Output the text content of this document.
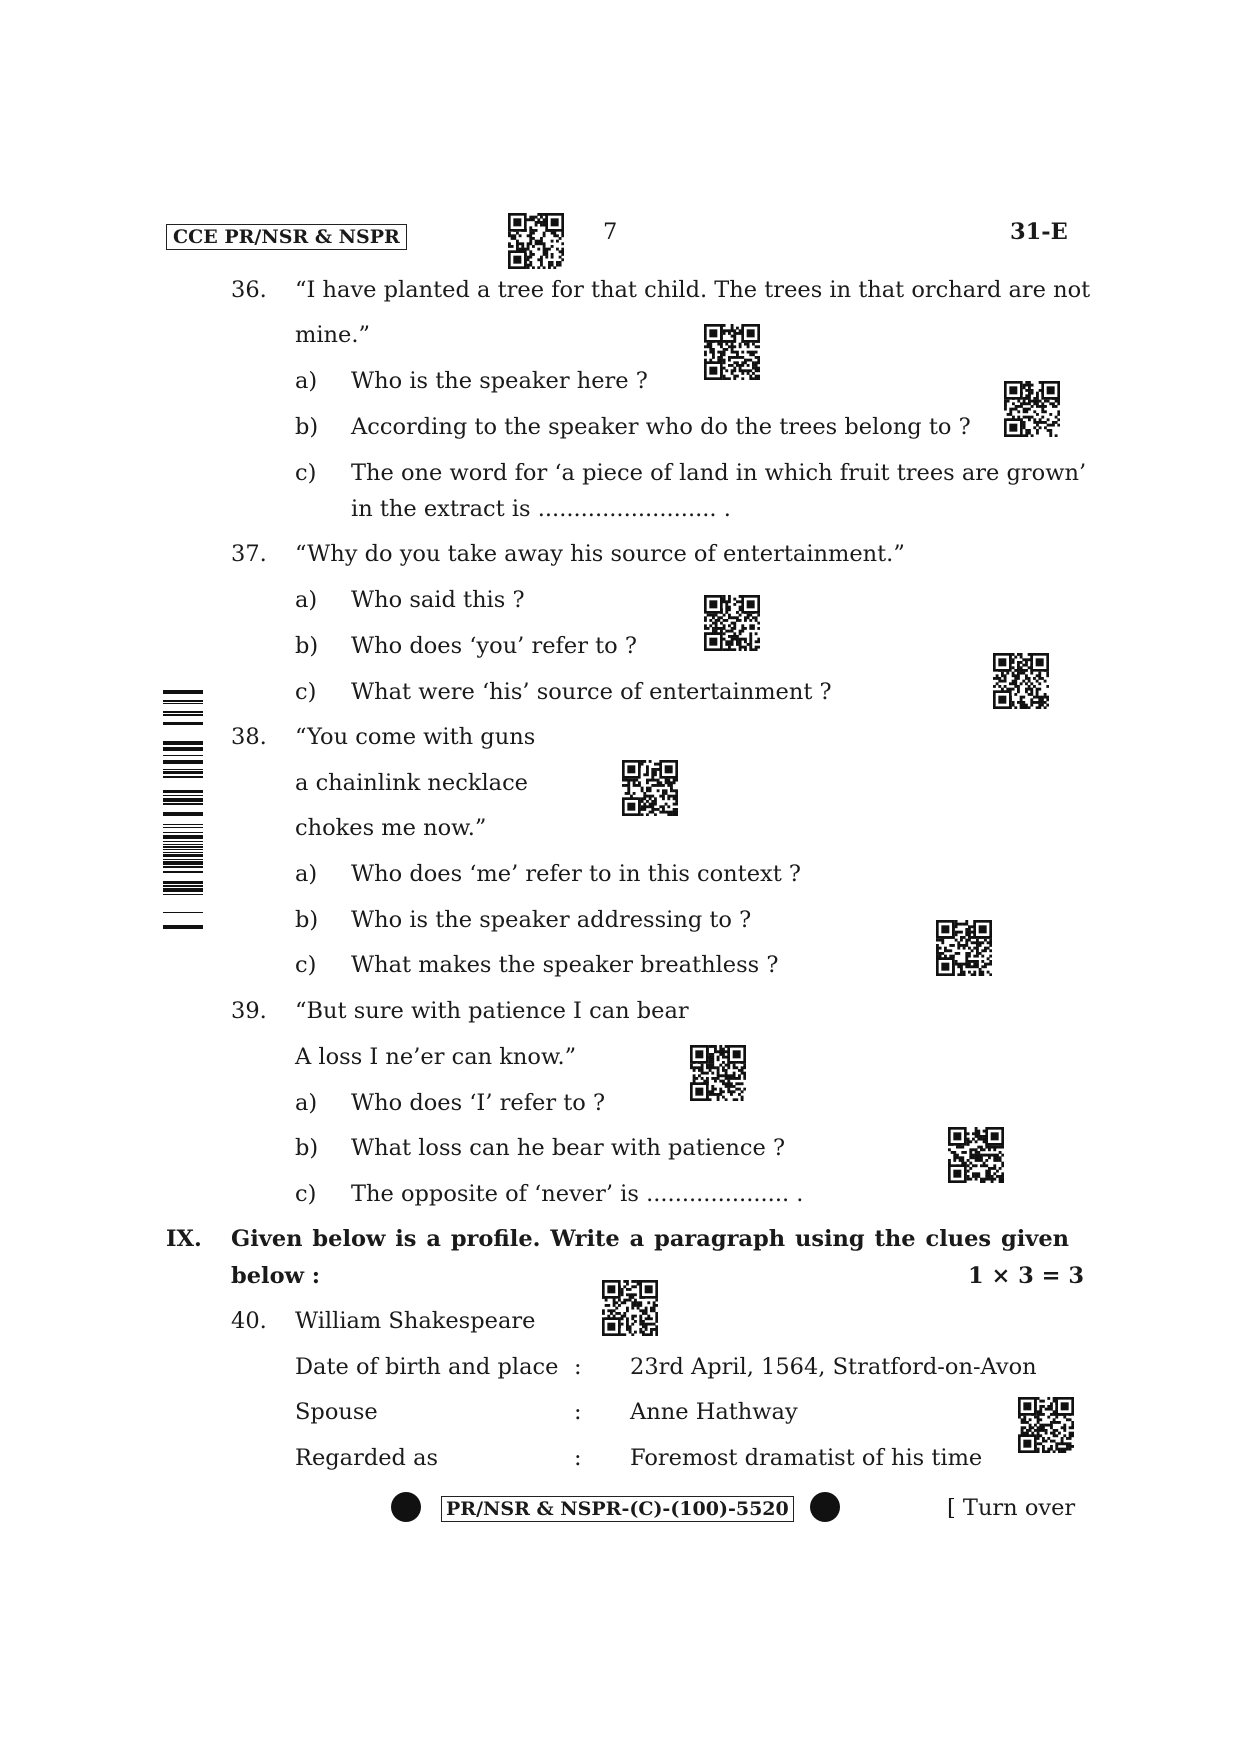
CCE PR/NSR & NSPR	7	31-E
36. “I have planted a tree for that child. The trees in that orchard are not
mine.”
a) Who is the speaker here ?
b) According to the speaker who do the trees belong to ?
c) The one word for ‘a piece of land in which fruit trees are grown’
in the extract is ......................... .
37. “Why do you take away his source of entertainment.”
a) Who said this ?
b) Who does ‘you’ refer to ?
c) What were ‘his’ source of entertainment ?
38. “You come with guns
a chainlink necklace
chokes me now.”
a) Who does ‘me’ refer to in this context ?
b) Who is the speaker addressing to ?
c) What makes the speaker breathless ?
39. “But sure with patience I can bear
A loss I ne’er can know.”
a) Who does ‘I’ refer to ?
b) What loss can he bear with patience ?
c) The opposite of ‘never’ is .................... .
IX. Given below is a profile. Write a paragraph using the clues given
below :	1 × 3 = 3
40. William Shakespeare
Date of birth and place : 23rd April, 1564, Stratford-on-Avon
Spouse	: Anne Hathway
Regarded as	: Foremost dramatist of his time
PR/NSR & NSPR-(C)-(100)-5520	[ Turn over
